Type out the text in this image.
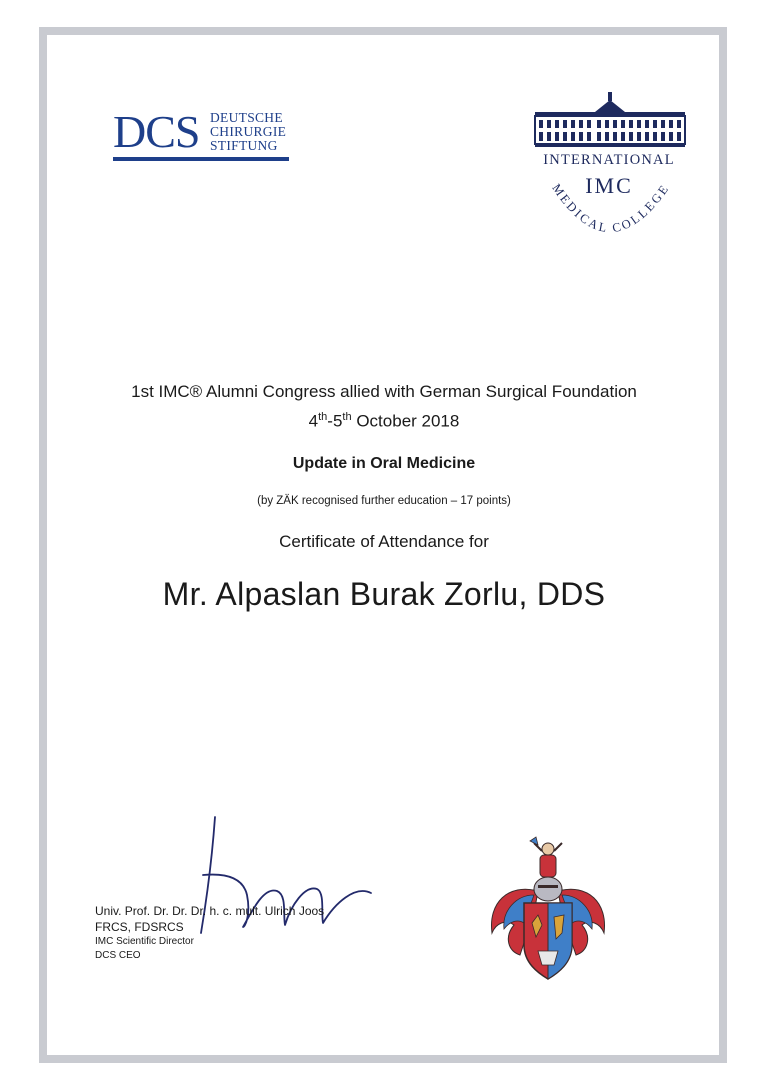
DCS DEUTSCHE
CHIRURGIE
STIFTUNG
INTERNATIONAL
IMC
MEDICAL COLLEGE
1st IMC® Alumni Congress allied with German Surgical Foundation
4th-5th October 2018
Update in Oral Medicine
(by ZÄK recognised further education – 17 points)
Certificate of Attendance for
Mr. Alpaslan Burak Zorlu, DDS
Univ. Prof. Dr. Dr. Dr. h. c. mult. Ulrich Joos
FRCS, FDSRCS
IMC Scientific Director
DCS CEO
